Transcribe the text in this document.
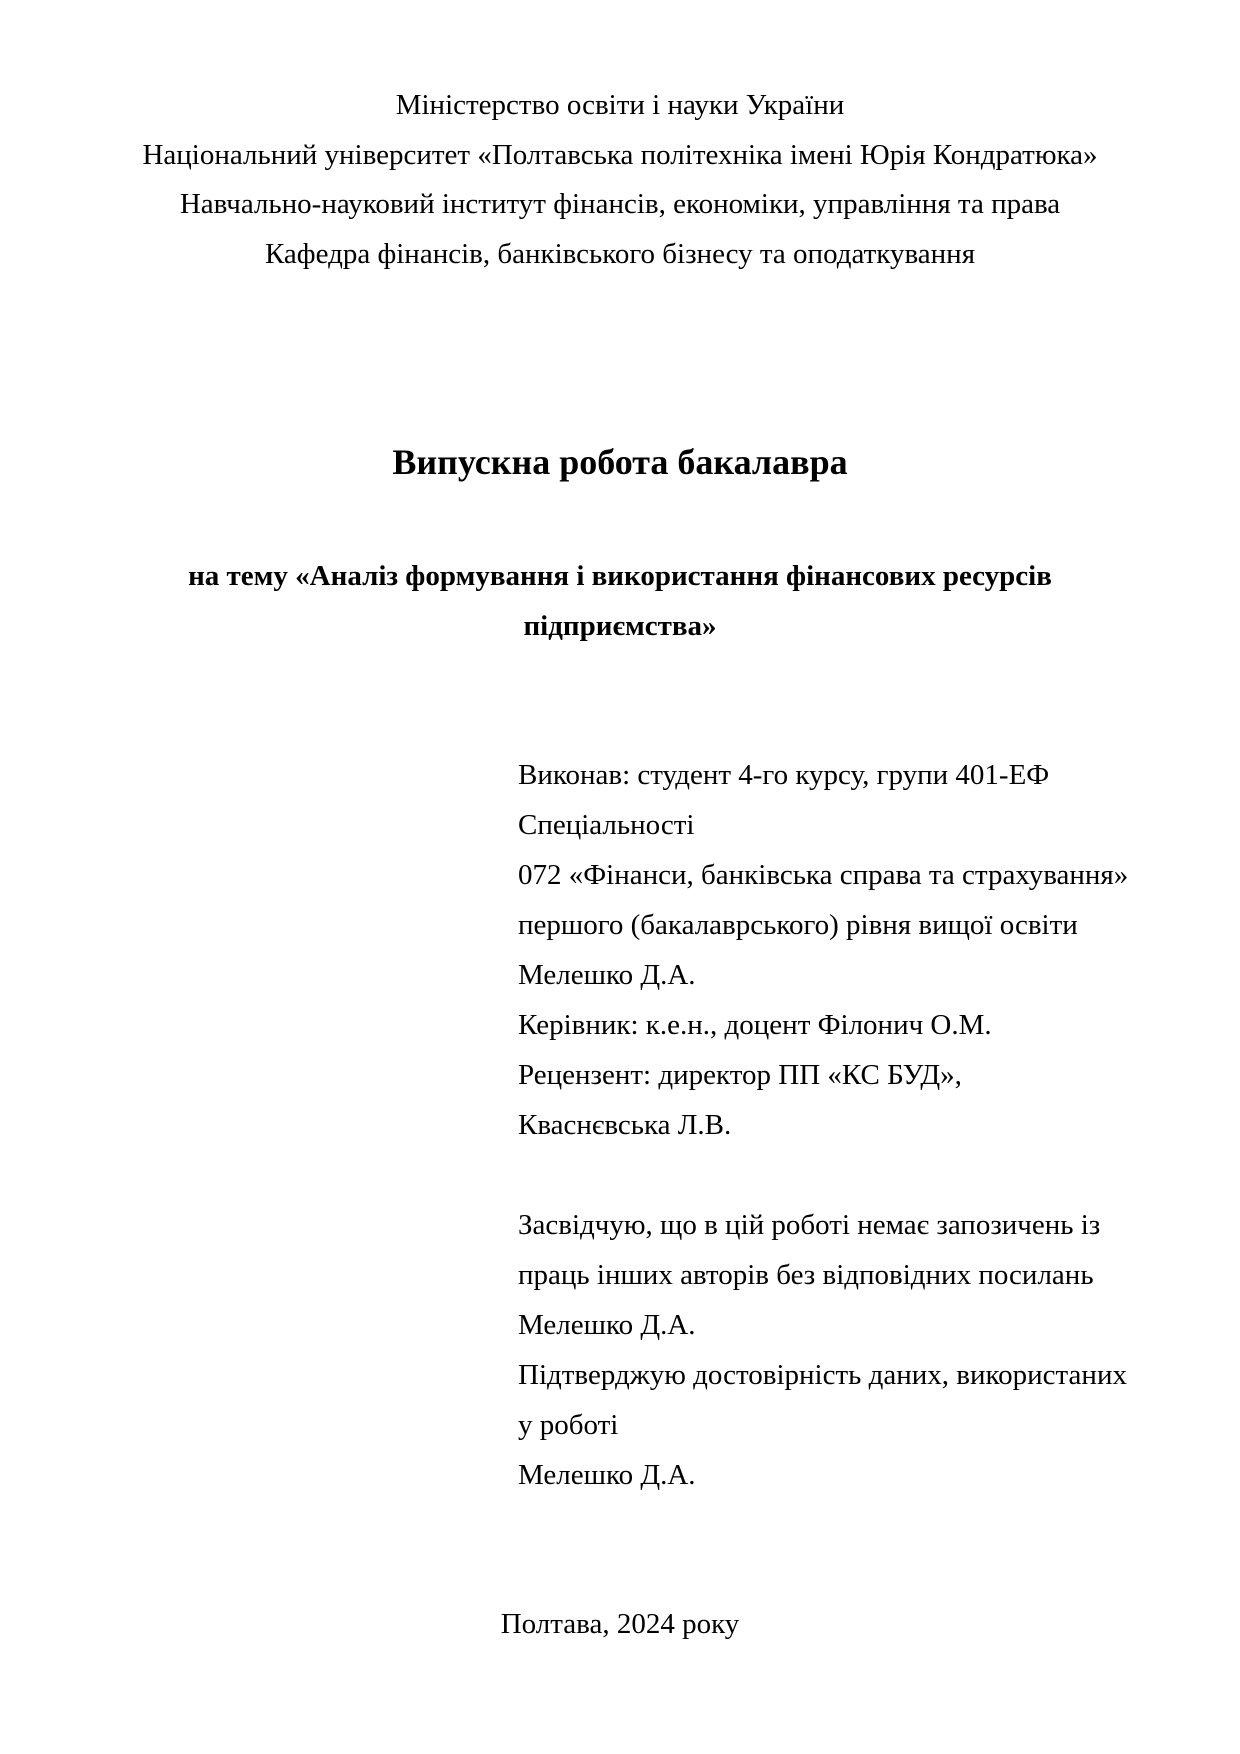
Міністерство освіти і науки України
Національний університет «Полтавська політехніка імені Юрія Кондратюка»
Навчально-науковий інститут фінансів, економіки, управління та права
Кафедра фінансів, банківського бізнесу та оподаткування
Випускна робота бакалавра
на тему «Аналіз формування і використання фінансових ресурсів
підприємства»
Виконав: студент 4-го курсу, групи 401-ЕФ
Спеціальності
072 «Фінанси, банківська справа та страхування»
першого (бакалаврського) рівня вищої освіти
Мелешко Д.А.
Керівник: к.е.н., доцент Філонич О.М.
Рецензент: директор ПП «КС БУД»,
Кваснєвська Л.В.
Засвідчую, що в цій роботі немає запозичень із
праць інших авторів без відповідних посилань
Мелешко Д.А.
Підтверджую достовірність даних, використаних
у роботі
Мелешко Д.А.
Полтава, 2024 року
